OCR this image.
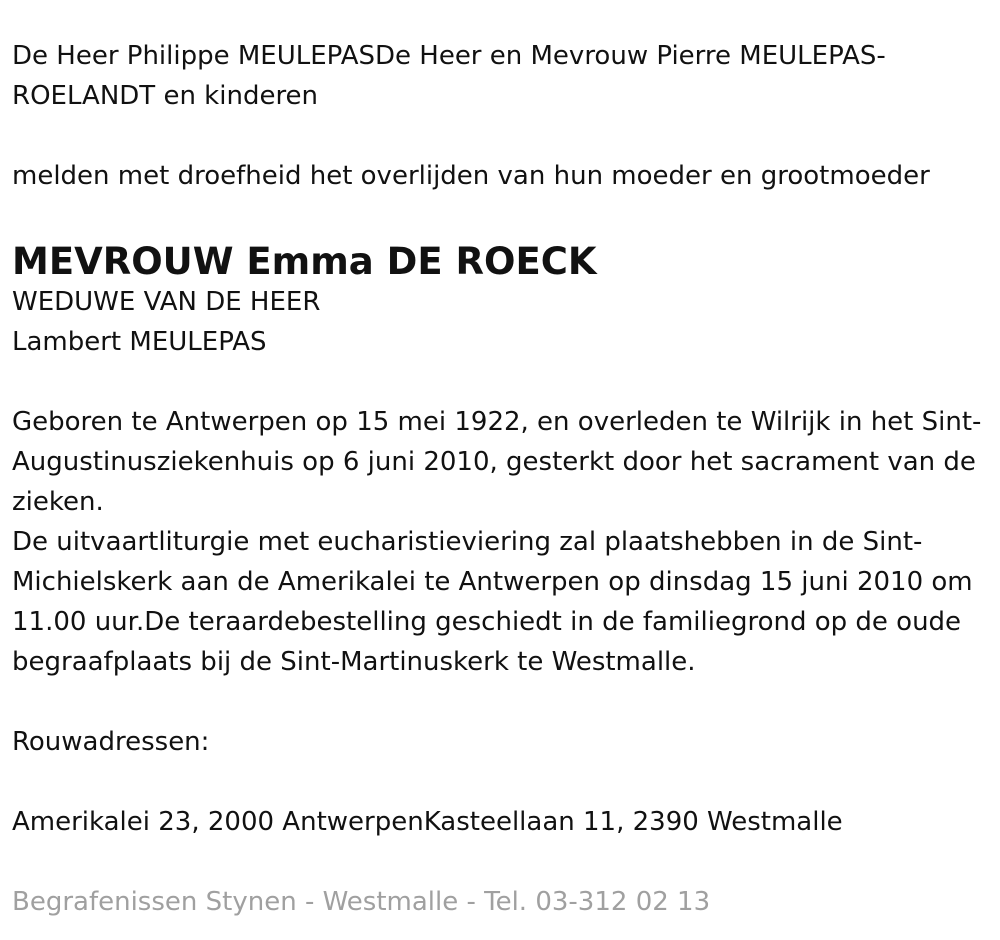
De Heer Philippe MEULEPASDe Heer en Mevrouw Pierre MEULEPAS-ROELANDT en kinderen

melden met droefheid het overlijden van hun moeder en grootmoeder

MEVROUW Emma DE ROECK

WEDUWE VAN DE HEER

Lambert MEULEPAS

Geboren te Antwerpen op 15 mei 1922, en overleden te Wilrijk in het Sint-Augustinusziekenhuis op 6 juni 2010, gesterkt door het sacrament van de zieken.

De uitvaartliturgie met eucharistieviering zal plaatshebben in de Sint-Michielskerk aan de Amerikalei te Antwerpen op dinsdag 15 juni 2010 om 11.00 uur.De teraardebestelling geschiedt in de familiegrond op de oude begraafplaats bij de Sint-Martinuskerk te Westmalle.

Rouwadressen:

Amerikalei 23, 2000 AntwerpenKasteellaan 11, 2390 Westmalle

Begrafenissen Stynen - Westmalle - Tel. 03-312 02 13
